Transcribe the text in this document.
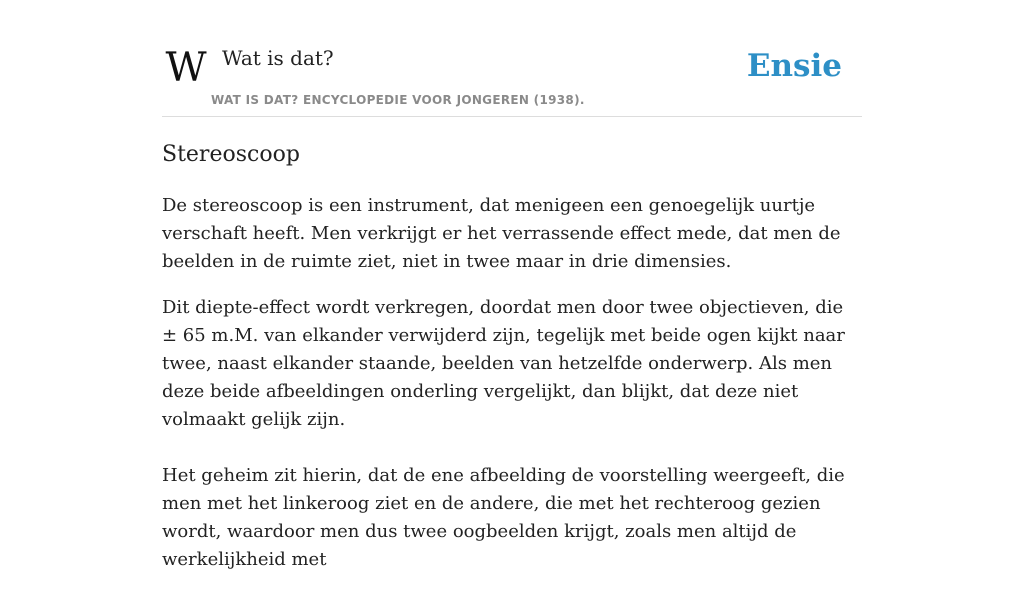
W Wat is dat?
WAT IS DAT? ENCYCLOPEDIE VOOR JONGEREN (1938).
Ensie
Stereoscoop

De stereoscoop is een instrument, dat menigeen een genoegelijk uurtje verschaft heeft. Men verkrijgt er het verrassende effect mede, dat men de beelden in de ruimte ziet, niet in twee maar in drie dimensies.

Dit diepte-effect wordt verkregen, doordat men door twee objectieven, die ± 65 m.M. van elkander verwijderd zijn, tegelijk met beide ogen kijkt naar twee, naast elkander staande, beelden van hetzelfde onderwerp. Als men deze beide afbeeldingen onderling vergelijkt, dan blijkt, dat deze niet volmaakt gelijk zijn.

Het geheim zit hierin, dat de ene afbeelding de voorstelling weergeeft, die men met het linkeroog ziet en de andere, die met het rechteroog gezien wordt, waardoor men dus twee oogbeelden krijgt, zoals men altijd de werkelijkheid met
